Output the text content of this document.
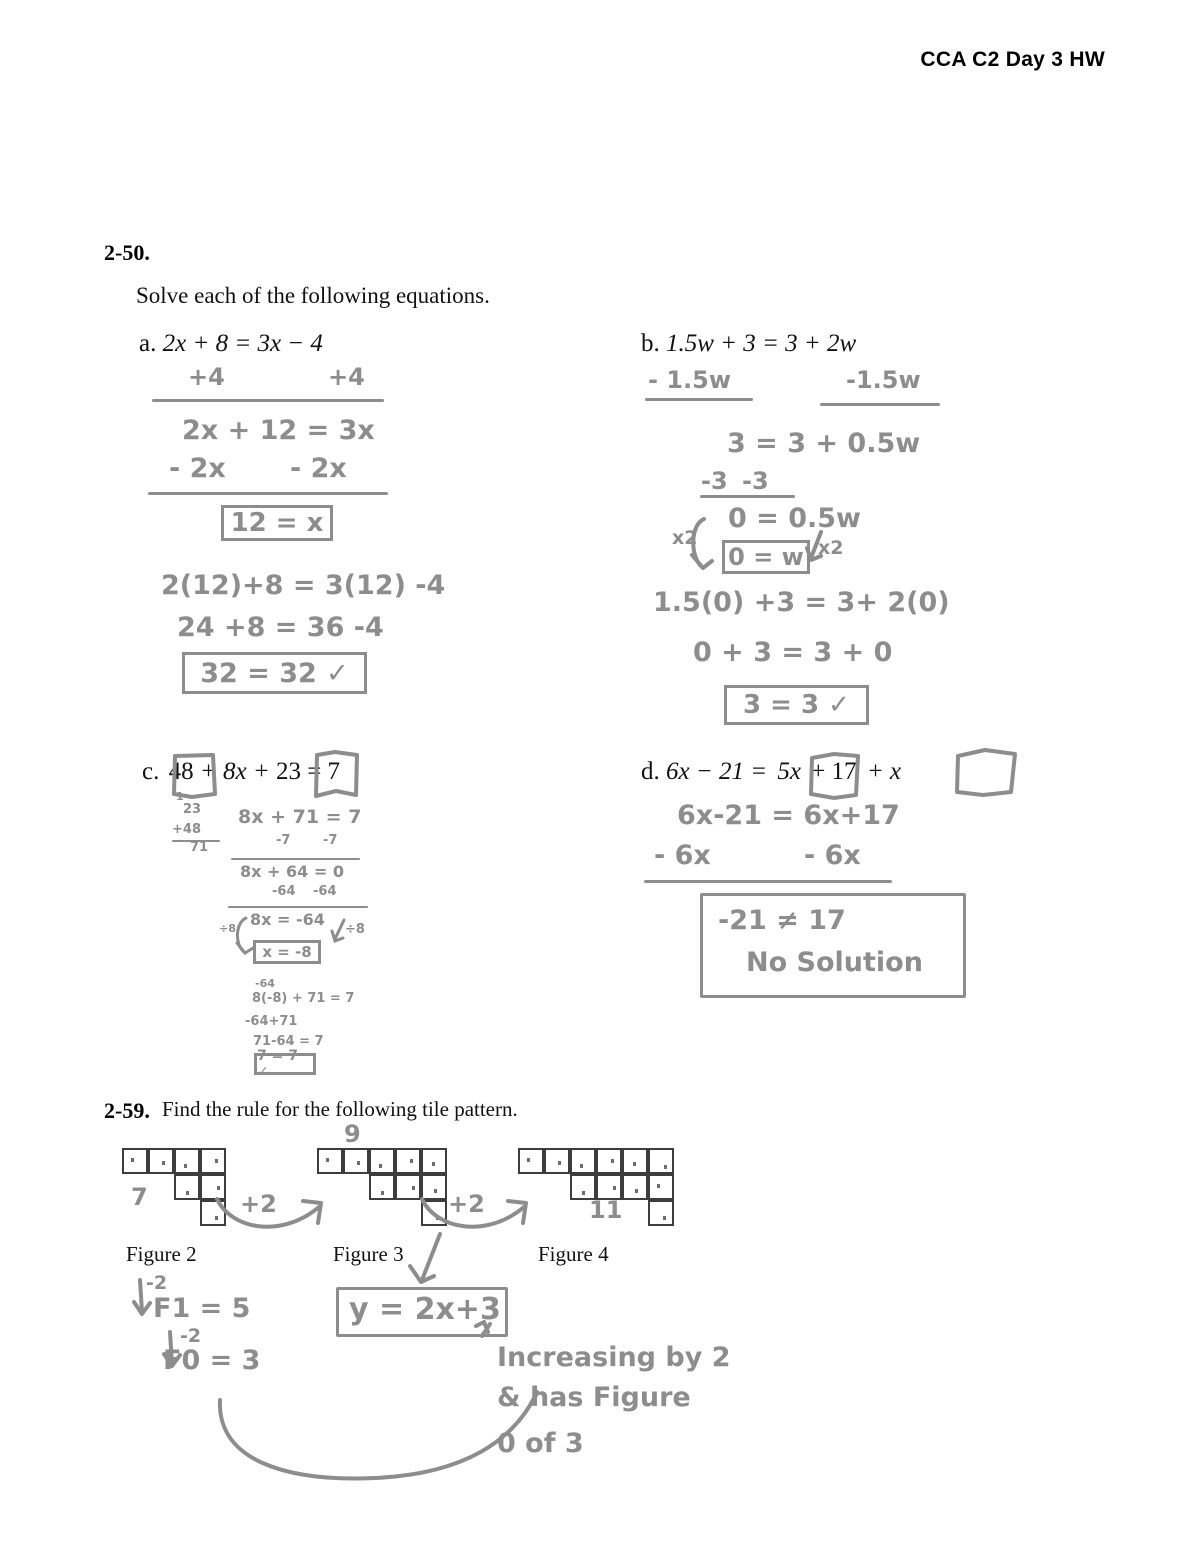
CCA C2 Day 3 HW
2-50.
Solve each of the following equations.
a. 2x + 8 = 3x − 4
+4	+4
2x + 12 = 3x
- 2x - 2x
12 = x
2(12)+8 = 3(12) -4
24 +8 = 36 -4
32 = 32 ✓
b. 1.5w + 3 = 3 + 2w
- 1.5w	-1.5w
3 = 3 + 0.5w
-3 -3
0 = 0.5w
x2	x2
0 = w
1.5(0) +3 = 3+ 2(0)
0 + 3 = 3 + 0
3 = 3 ✓
c. 48 + 8x + 23 = 7
1
23
+48
71
8x + 71 = 7
-7	-7
8x + 64 = 0
-64 -64
8x = -64
÷8	÷8
x = -8
-64
8(-8) + 71 = 7
-64+71
71-64 = 7
7 = 7 ✓
d. 6x − 21 = 5x + 17 + x
6x-21 = 6x+17
- 6x	- 6x
-21 ≠ 17
No Solution
2-59. Find the rule for the following tile pattern.
7
Figure 2
+2
9
Figure 3
+2	11
Figure 4
-2
F1 = 5
-2
F0 = 3
y = 2x+3
Increasing by 2
& has Figure
0 of 3
